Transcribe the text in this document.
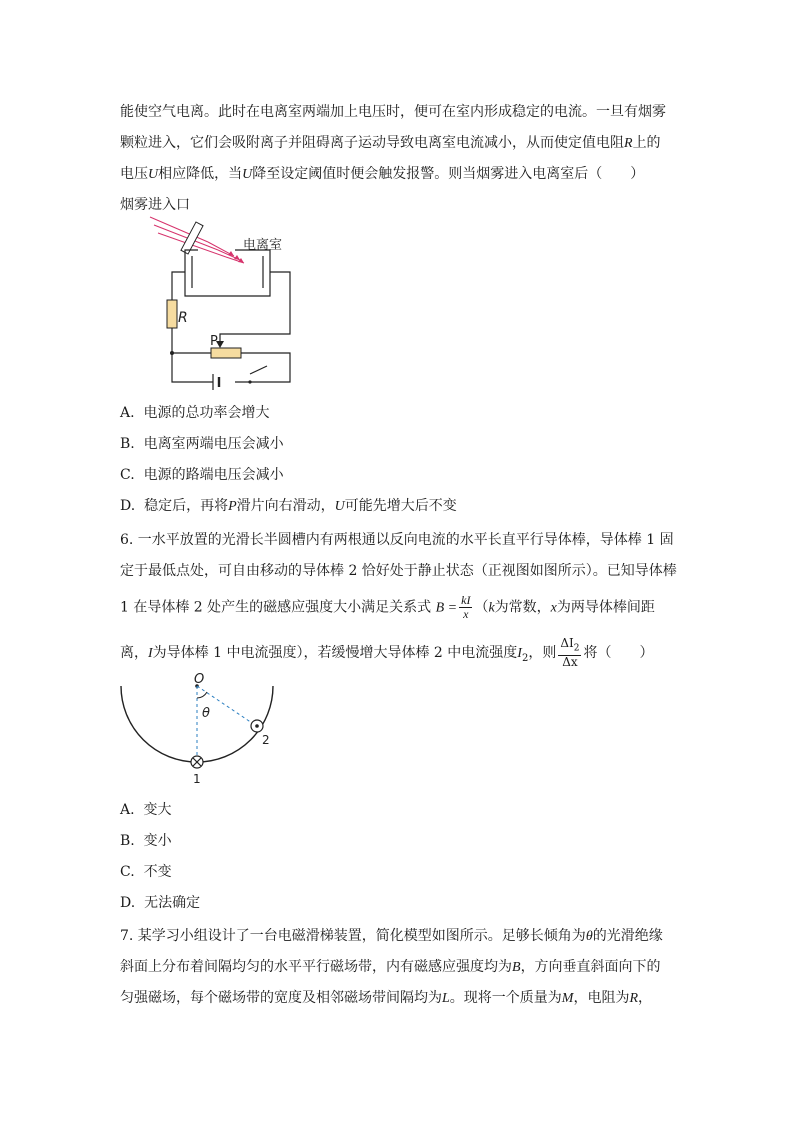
能使空气电离。此时在电离室两端加上电压时，便可在室内形成稳定的电流。一旦有烟雾
颗粒进入，它们会吸附离子并阻碍离子运动导致电离室电流减小，从而使定值电阻R上的
电压U相应降低，当U降至设定阈值时便会触发报警。则当烟雾进入电离室后（　　）
烟雾进入口
电离室
R
P
A. 电源的总功率会增大
B. 电离室两端电压会减小
C. 电源的路端电压会减小
D. 稳定后，再将P滑片向右滑动，U可能先增大后不变
6. 一水平放置的光滑长半圆槽内有两根通以反向电流的水平长直平行导体棒，导体棒 1 固
定于最低点处，可自由移动的导体棒 2 恰好处于静止状态（正视图如图所示）。已知导体棒
1 在导体棒 2 处产生的磁感应强度大小满足关系式 $B = \frac{kI}{x} (k$为常数，x为两导体棒间距
离，I为导体棒 1 中电流强度），若缓慢增大导体棒 2 中电流强度$I_2$，则 $\frac{\Delta I_2}{\Delta x}$ 将（　　）
O
θ
1
2
A. 变大
B. 变小
C. 不变
D. 无法确定
7. 某学习小组设计了一台电磁滑梯装置，简化模型如图所示。足够长倾角为θ的光滑绝缘
斜面上分布着间隔均匀的水平平行磁场带，内有磁感应强度均为B，方向垂直斜面向下的
匀强磁场，每个磁场带的宽度及相邻磁场带间隔均为L。现将一个质量为M，电阻为R，
